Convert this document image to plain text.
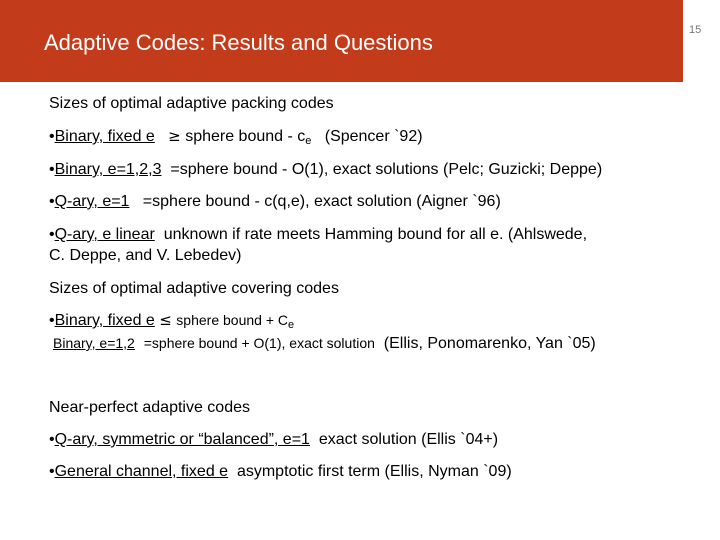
Adaptive Codes: Results and Questions	15
Sizes of optimal adaptive packing codes
•Binary, fixed e ≥ sphere bound - $c_e$ (Spencer `92)
•Binary, e=1,2,3 =sphere bound - O(1), exact solutions (Pelc; Guzicki; Deppe)
•Q-ary, e=1 =sphere bound - c(q,e), exact solution (Aigner `96)
•Q-ary, e linear unknown if rate meets Hamming bound for all e. (Ahlswede,
C. Deppe, and V. Lebedev)
Sizes of optimal adaptive covering codes
•Binary, fixed e ≤ sphere bound + $C_e$
Binary, e=1,2 =sphere bound + O(1), exact solution (Ellis, Ponomarenko, Yan `05)
Near-perfect adaptive codes
•Q-ary, symmetric or “balanced”, e=1 exact solution (Ellis `04+)
•General channel, fixed e asymptotic first term (Ellis, Nyman `09)
